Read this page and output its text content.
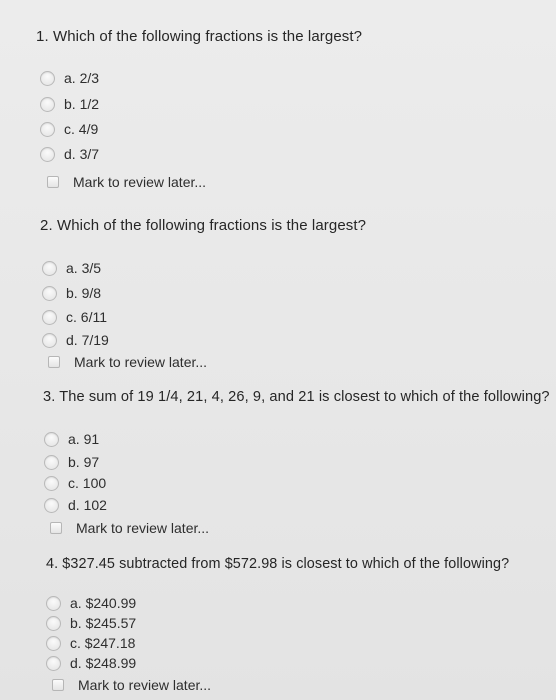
1. Which of the following fractions is the largest?
a. 2/3
b. 1/2
c. 4/9
d. 3/7
Mark to review later...
2. Which of the following fractions is the largest?
a. 3/5
b. 9/8
c. 6/11
d. 7/19
Mark to review later...
3. The sum of 19 1/4, 21, 4, 26, 9, and 21 is closest to which of the following?
a. 91
b. 97
c. 100
d. 102
Mark to review later...
4. $327.45 subtracted from $572.98 is closest to which of the following?
a. $240.99
b. $245.57
c. $247.18
d. $248.99
Mark to review later...
